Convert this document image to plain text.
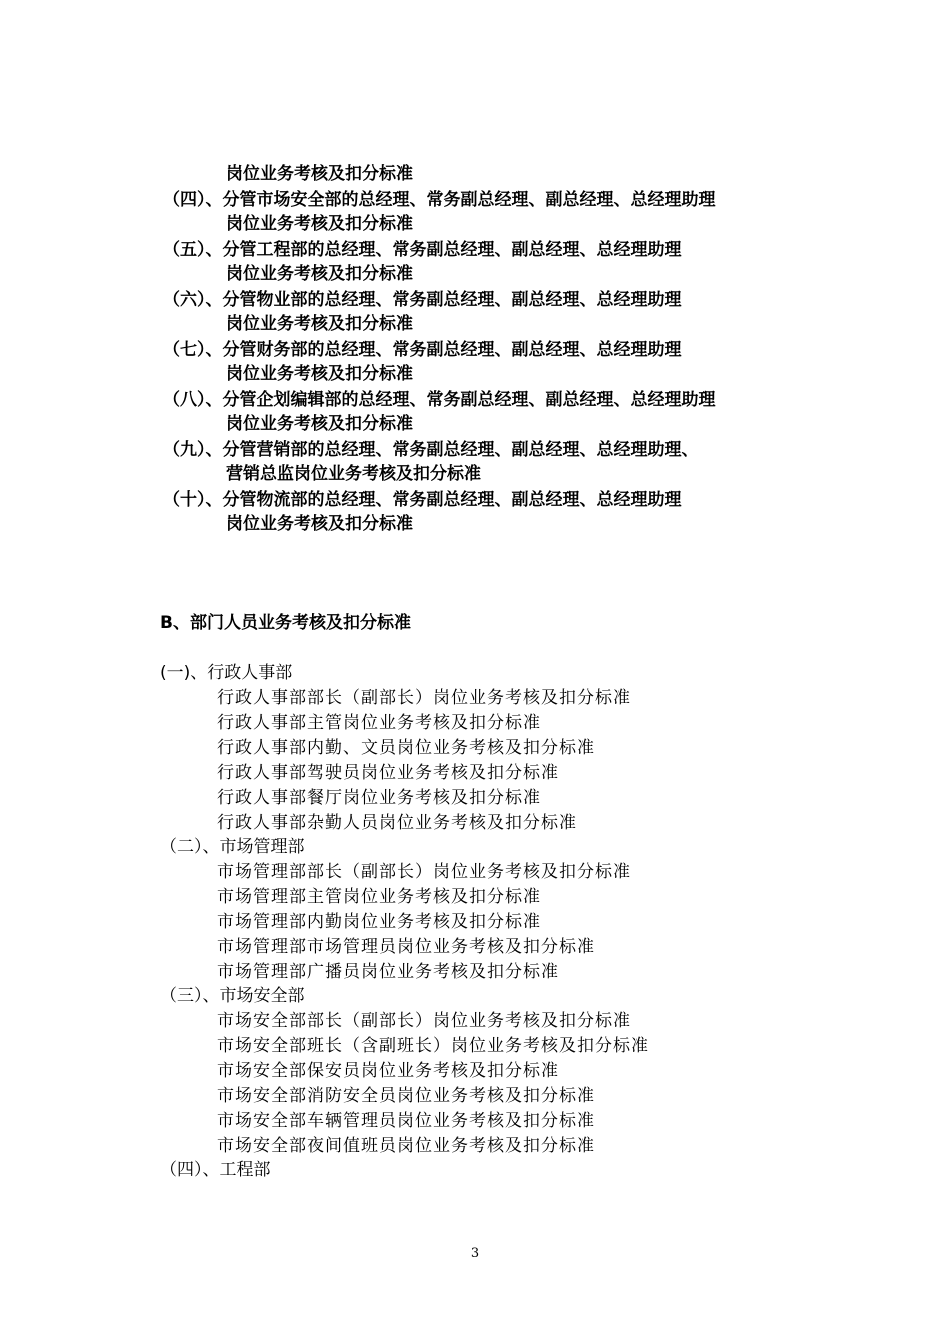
岗位业务考核及扣分标准
（四）、分管市场安全部的总经理、常务副总经理、副总经理、总经理助理
岗位业务考核及扣分标准
（五）、分管工程部的总经理、常务副总经理、副总经理、总经理助理
岗位业务考核及扣分标准
（六）、分管物业部的总经理、常务副总经理、副总经理、总经理助理
岗位业务考核及扣分标准
（七）、分管财务部的总经理、常务副总经理、副总经理、总经理助理
岗位业务考核及扣分标准
（八）、分管企划编辑部的总经理、常务副总经理、副总经理、总经理助理
岗位业务考核及扣分标准
（九）、分管营销部的总经理、常务副总经理、副总经理、总经理助理、
营销总监岗位业务考核及扣分标准
（十）、分管物流部的总经理、常务副总经理、副总经理、总经理助理
岗位业务考核及扣分标准
B、部门人员业务考核及扣分标准
(一)、行政人事部
行政人事部部长（副部长）岗位业务考核及扣分标准
行政人事部主管岗位业务考核及扣分标准
行政人事部内勤、文员岗位业务考核及扣分标准
行政人事部驾驶员岗位业务考核及扣分标准
行政人事部餐厅岗位业务考核及扣分标准
行政人事部杂勤人员岗位业务考核及扣分标准
（二）、市场管理部
市场管理部部长（副部长）岗位业务考核及扣分标准
市场管理部主管岗位业务考核及扣分标准
市场管理部内勤岗位业务考核及扣分标准
市场管理部市场管理员岗位业务考核及扣分标准
市场管理部广播员岗位业务考核及扣分标准
（三）、市场安全部
市场安全部部长（副部长）岗位业务考核及扣分标准
市场安全部班长（含副班长）岗位业务考核及扣分标准
市场安全部保安员岗位业务考核及扣分标准
市场安全部消防安全员岗位业务考核及扣分标准
市场安全部车辆管理员岗位业务考核及扣分标准
市场安全部夜间值班员岗位业务考核及扣分标准
（四）、工程部
3
